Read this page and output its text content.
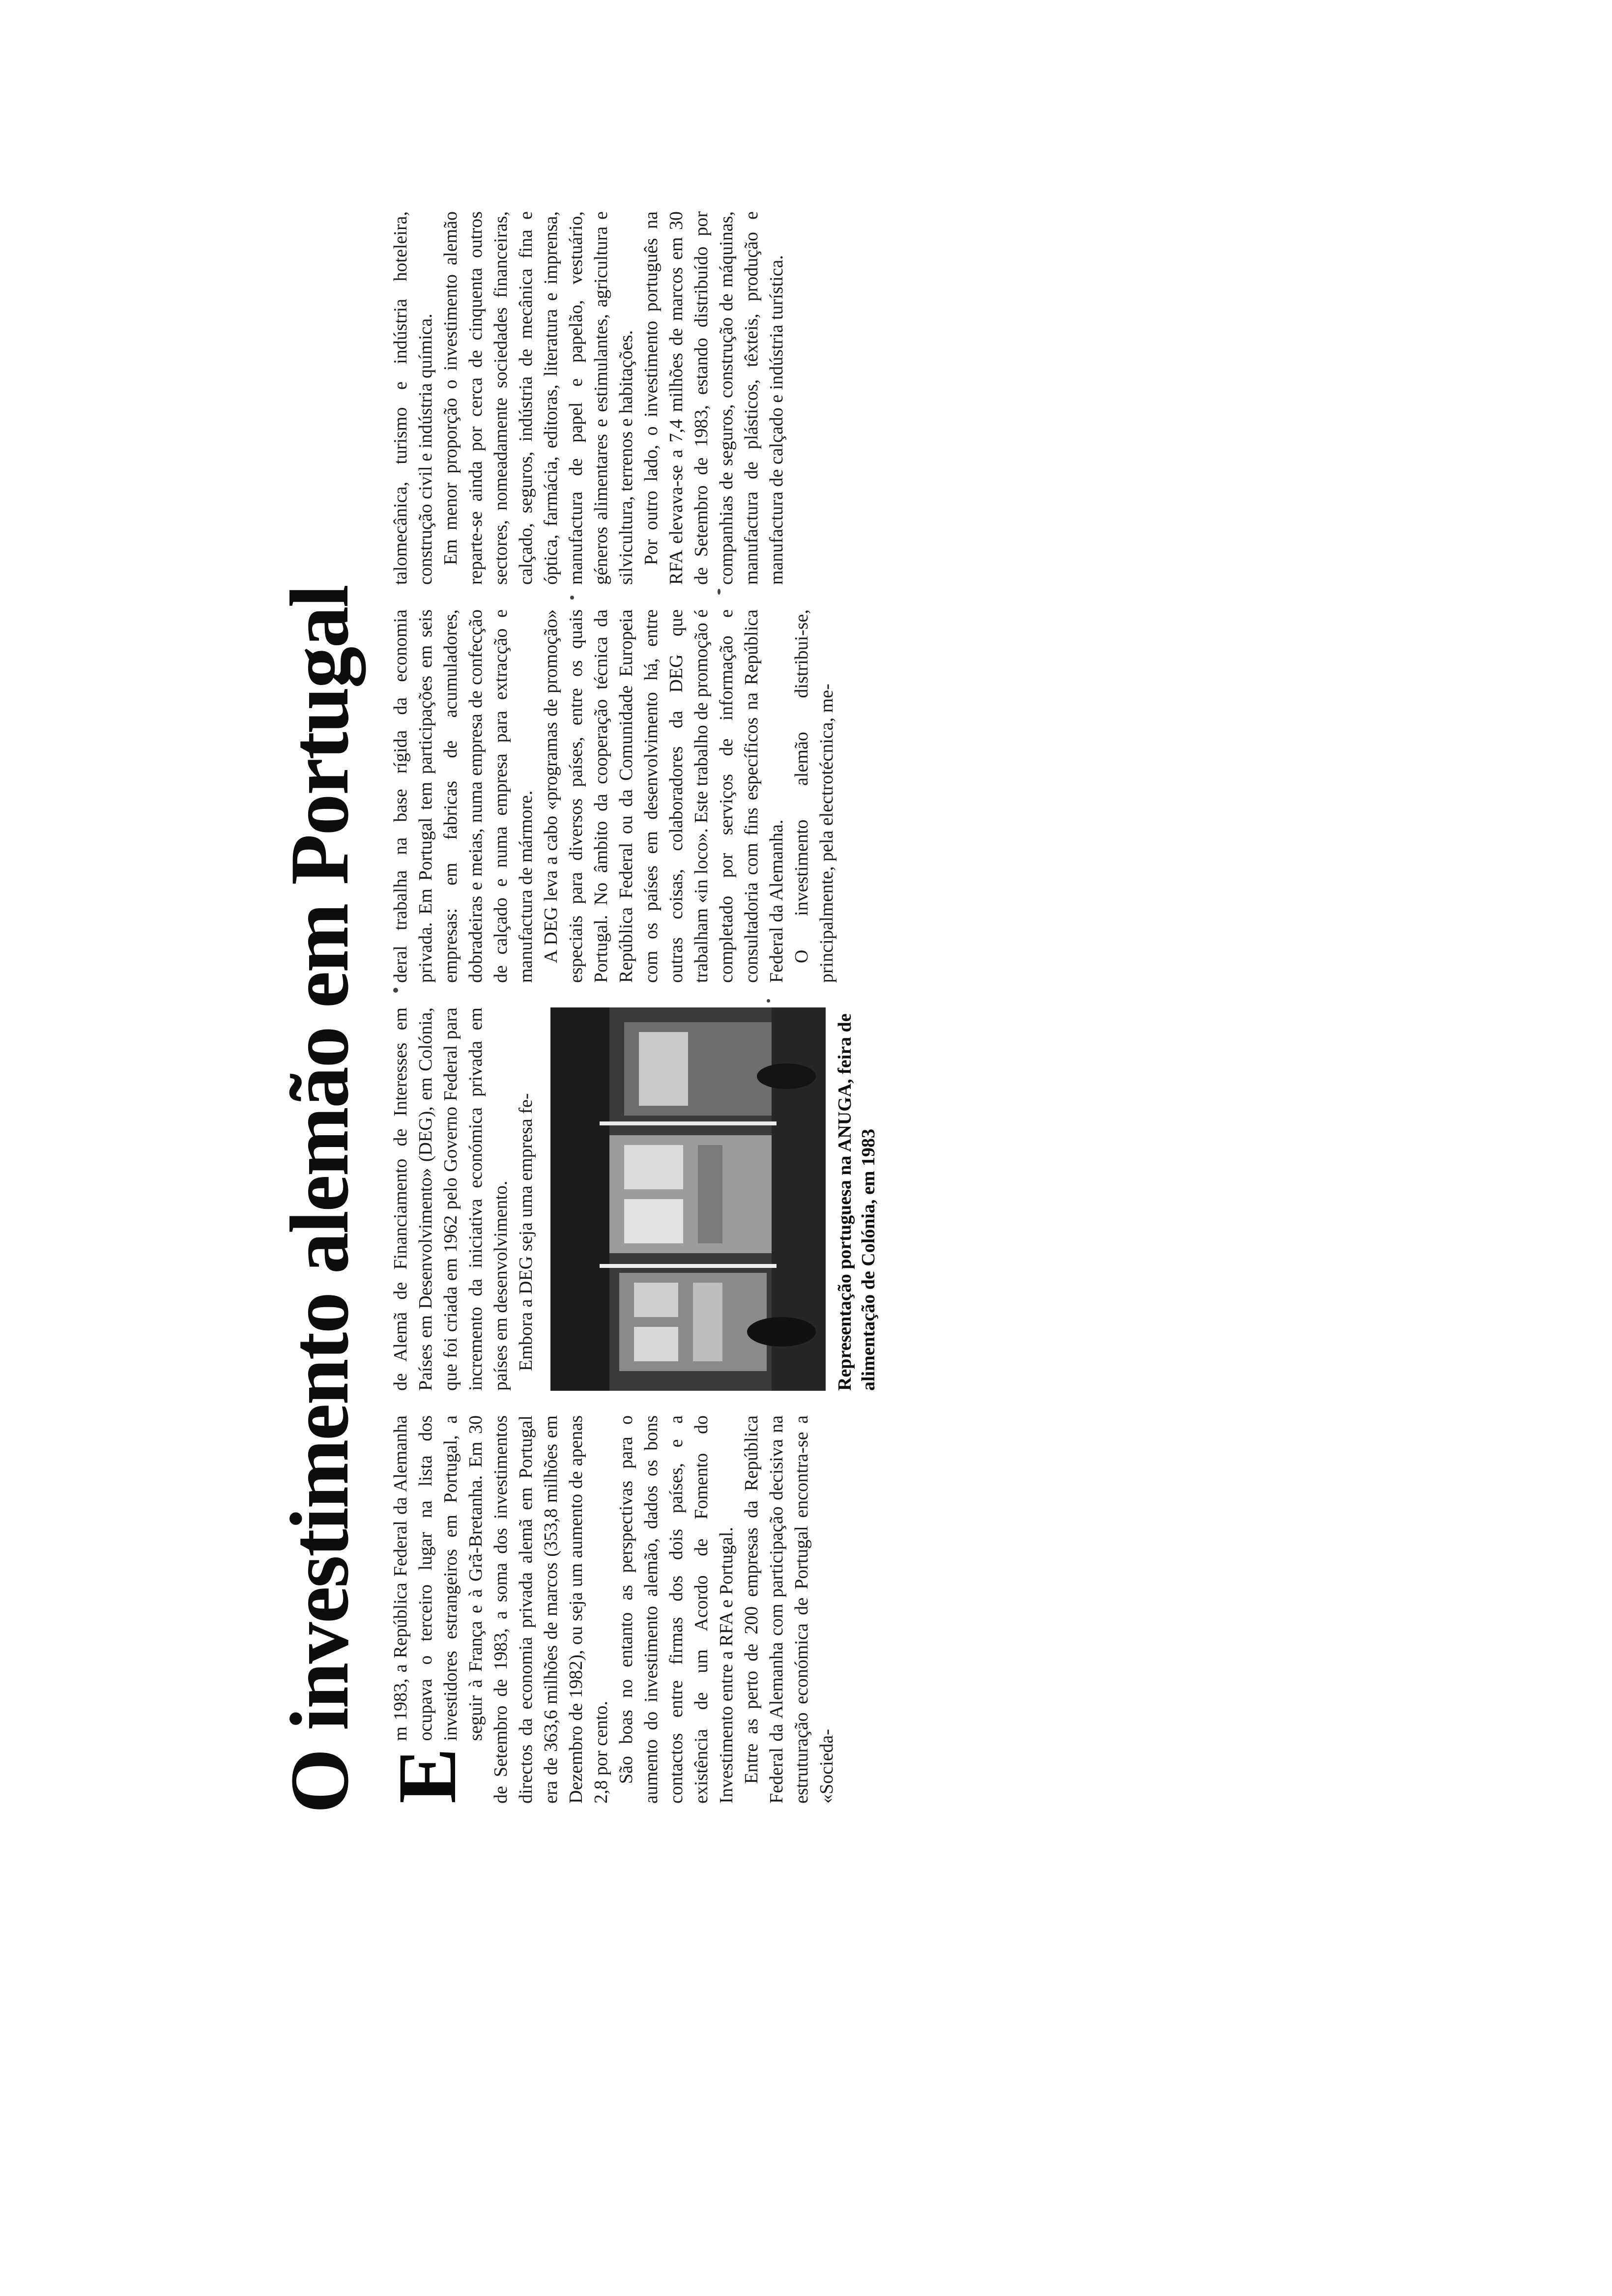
O investimento alemão em Portugal E

m 1983, a República Federal da Alemanha ocupava o terceiro lugar na lista dos investidores estrangeiros em Portugal, a seguir à França e à Grã-Bretanha. Em 30 de Setembro de 1983, a soma dos investimentos directos da economia privada alemã em Portugal era de 363,6 milhões de marcos (353,8 milhões em Dezembro de 1982), ou seja um aumento de apenas 2,8 por cento. São boas no entanto as perspectivas para o aumento do investimento alemão, dados os bons contactos entre firmas dos dois países, e a existência de um Acordo de Fomento do Investimento entre a RFA e Portugal. Entre as perto de 200 empresas da República Federal da Alemanha com participação decisiva na estruturação económica de Portugal encontra-se a «Socieda-

de Alemã de Financiamento de Interesses em Países em Desenvolvimento» (DEG), em Colónia, que foi criada em 1962 pelo Governo Federal para incremento da iniciativa económica privada em países em desenvolvimento. Embora a DEG seja uma empresa fe-	Representação portuguesa na ANUGA, feira de alimentação de Colónia, em 1983

deral trabalha na base rígida da economia privada. Em Portugal tem participações em seis empresas: em fabricas de acumuladores, dobradeiras e meias, numa empresa de confecção de calçado e numa empresa para extracção e manufactura de mármore. A DEG leva a cabo «programas de promoção» especiais para diversos países, entre os quais Portugal. No âmbito da cooperação técnica da República Federal ou da Comunidade Europeia com os países em desenvolvimento há, entre outras coisas, colaboradores da DEG que trabalham «in loco». Este trabalho de promoção é completado por serviços de informação e consultadoria com fins específicos na República Federal da Alemanha. O investimento alemão distribui-se, principalmente, pela electrotécnica, me-

talomecânica, turismo e indústria hoteleira, construção civil e indústria química. Em menor proporção o investimento alemão reparte-se ainda por cerca de cinquenta outros sectores, nomeadamente sociedades financeiras, calçado, seguros, indústria de mecânica fina e óptica, farmácia, editoras, literatura e imprensa, manufactura de papel e papelão, vestuário, géneros alimentares e estimulantes, agricultura e silvicultura, terrenos e habitações. Por outro lado, o investimento português na RFA elevava-se a 7,4 milhões de marcos em 30 de Setembro de 1983, estando distribuído por companhias de seguros, construção de máquinas, manufactura de plásticos, têxteis, produção e manufactura de calçado e indústria turística.
